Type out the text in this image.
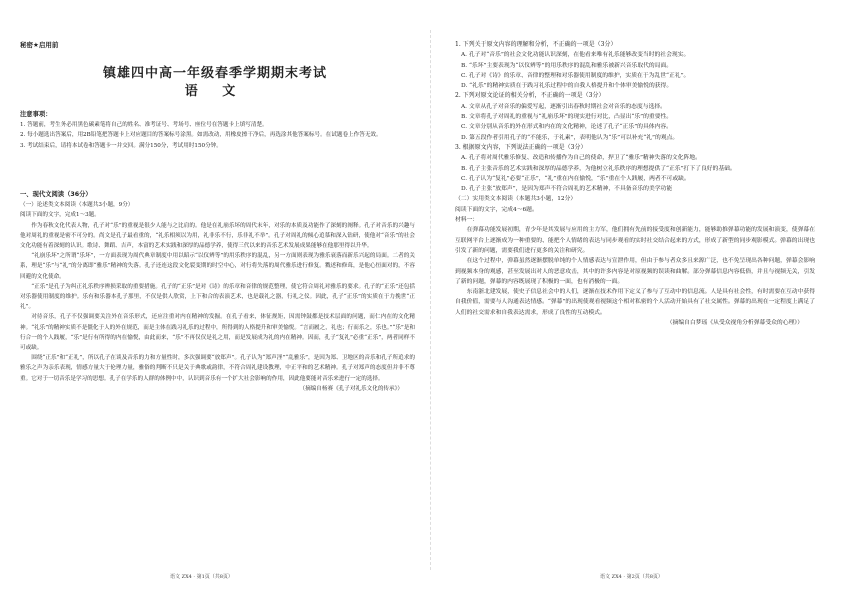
秘密★启用前
镇雄四中高一年级春季学期期末考试
语 文

注意事项：

1. 答题前，考生务必用黑色碳素笔将自己的姓名、准考证号、考场号、座位号在答题卡上填写清楚。

2. 每小题选出答案后，用2B铅笔把答题卡上对应题目的答案标号涂黑。如需改动，用橡皮擦干净后，再选涂其他答案标号。在试题卷上作答无效。

3. 考试结束后，请将本试卷和答题卡一并交回。满分150分，考试用时150分钟。

一、现代文阅读（36分）

（一）论述类文本阅读（本题共3小题，9分）

阅读下面的文字，完成1～3题。

作为春秋文化代表人物，孔子对“乐”的重视是很少人能与之比肩的。他是在礼崩乐坏的周代末年，对乐的本质及功能作了深刻的阐释。孔子对音乐的兴趣与他对周礼的重视是密不可分的。尚文是孔子最看重的，“礼乐相须以为用，礼非乐不行，乐非礼不举”。孔子对周礼的倾心追慕和深入钻研，使他对“音乐”的社会文化功能有着深刻的认识。歌诗、舞蹈、吉声，本富的艺术实践和深厚的品德学养，使得三代以来的音乐艺术发展成果能够在他那里得以升华。

“礼崩乐坏”之所谓“乐坏”，一方面表现为周代典章制度中用以昭示“以仪辨等”的用乐秩序的混乱，另一方面则表现为雅乐衰落而新乐兴起的局面。二者的关系，理是“乐”与“礼”的分离即“雅乐”精神的失落。孔子还连这段文化裂变期的时空中心，对行将失落的周代雅乐进行修复。戮述和修葺，是他心恒面对的，不容回避的文化使命。

“正乐”是孔子为纠正礼乐秩序辨损采取的重要措施。孔子的“正乐”是对《诗》的乐章和音律的规范整理，使它符合周礼对雅乐的要求。孔子的“正乐”还包括对乐器使用制度的维护。乐有和乐器本孔子那里，不仅是供人欣赏，上下和合的表演艺术，也是载礼之器，行礼之仪。因此，孔子“正乐”的实质在于力挽世“正礼”。

对待音乐，孔子不仅强调要关注外在音乐形式，还应注重对内在精神的发掘。在孔子看来，体征规矩，因需钟鼓都是技术层面的问题，而仁内在的文化精神。“礼乐”的精神实质不是僵化于人的外在规范，而是主体在践习礼乐的过程中，所得到的人格提升和审美愉悦。“言而履之，礼也；行而乐之，乐也。”“乐”是和行合一的个人践履，“乐”是行有所得的内在愉悦，由此而来，“乐”不再仅仅是礼之用，而是发展成为礼的内在精神。因而，孔子“复礼”必重“正乐”，两者同样不可或缺。

围绕“正乐”和“正礼”，所以孔子在谈及音乐的力和方量性时，多次强调要“放郑声”。孔子认为“郑声淫”“乱雅乐”，是因为郑、卫地区的音乐和孔子所追求的雅乐之声为亲乐表现，情感方量大于伦理力量，雅俗的判断不只是关于典歌或韵律，不符合周礼建设教理，中正平和的艺术精神。孔子对郑声的态度但并非不尊重。它对于一切音乐是学习的思想。孔子在学乐的人群的体例中中，认识到音乐有一个扩大社会影响的作用，因此他要能对音乐来进行一定的选择。

（摘编自杨赛《孔子对礼乐文化的传承》）

语文 ZX4 · 第1页（共8页）

1. 下列关于原文内容的理解和分析，不正确的一项是（3分）

A. 孔子对“音乐”的社会文化功能认识深刻，在他看来唯有礼乐能够改变当时的社会现实。

B. “乐坏”主要表现为“以仪辨等”的用乐秩序的混乱和雅乐被新兴音乐取代的局面。

C. 孔子对《诗》的乐章、音律的整理和对乐器使用制度的维护，实质在于为乱世“正礼”。

D. “礼乐”的精神实质在于践习礼乐过程中的自我人格提升和个体审美愉悦的获得。

2. 下列对原文论证的相关分析，不正确的一项是（3分）

A. 文章从孔子对音乐的偏爱写起，逐渐引出春秋时期社会对音乐的态度与选择。

B. 文章将孔子对周礼的重视与“礼崩乐坏”的现实进行对比，凸显出“乐”的重要性。

C. 文章分别从音乐的外在形式和内在的文化精神，论述了孔子“正乐”的具体内容。

D. 第五段作者引用孔子的“不能乐，于礼素”，表明他认为“乐”可以补充“礼”的观点。

3. 根据原文内容，下列说法正确的一项是（3分）

A. 孔子将对周代雅乐修复、改造和传播作为自己的使命，捍卫了“雅乐”精神失落的文化阵地。

B. 孔子主张音乐的艺术实践和深厚的品德学养，为他树立礼乐秩序的理想提供了“正乐”打下了良好的基础。

C. 孔子认为“复礼”必要“正乐”，“礼”重在内在愉悦，“乐”重在个人践履，两者不可或缺。

D. 孔子主张“放郑声”，是因为郑声不符合周礼的艺术精神，不具备音乐的美学功能

（二）实用类文本阅读（本题共3小题，12分）

阅读下面的文字，完成4～6题。

材料一：

在弹幕功能发展初期，青少年是其发展与应用的主力军，他们拥有先前的接受度和创新能力，能够助推弹幕功能的发展和演变，使弹幕在互联网平台上逐渐成为一种重要的、能把个人情绪的表达与同步观看的实时社交结合起来的方式，形成了新型的同步观影模式。弹幕的出现也引发了新的问题，需要我们进行更多的关注和研究。

在这个过程中，弹幕虽然逐渐摆脱单纯的个人情感表达与宣泄作用，但由于参与者众多且来源广泛，也不免呈现出各种问题，弹幕会影响到视频本身的观感，甚至发展出对人的恶意攻击，其中的许多内容是对原视频的误读和曲解。部分弹幕信息内容低俗，并且与视频无关，引发了新的问题，弹幕的内容既展现了积极的一面，也有消极的一面。

东南浙北建发展，使史子信息社会中的人们，逐渐在技术作用下定义了参与了互动中的信息流。人是具有社会性，有时需要在互动中获得自我价值，需要与人沟通表达情感。“弹幕”的出现使观看视频这个相对私密的个人活动开始具有了社交属性。弹幕的出现在一定程度上满足了人们的社交需求和自我表达需求，形成了良性的互动模式。

（摘编自白梦瑶《从受众视角分析弹幕受众的心理》）

语文 ZX4 · 第2页（共8页）
